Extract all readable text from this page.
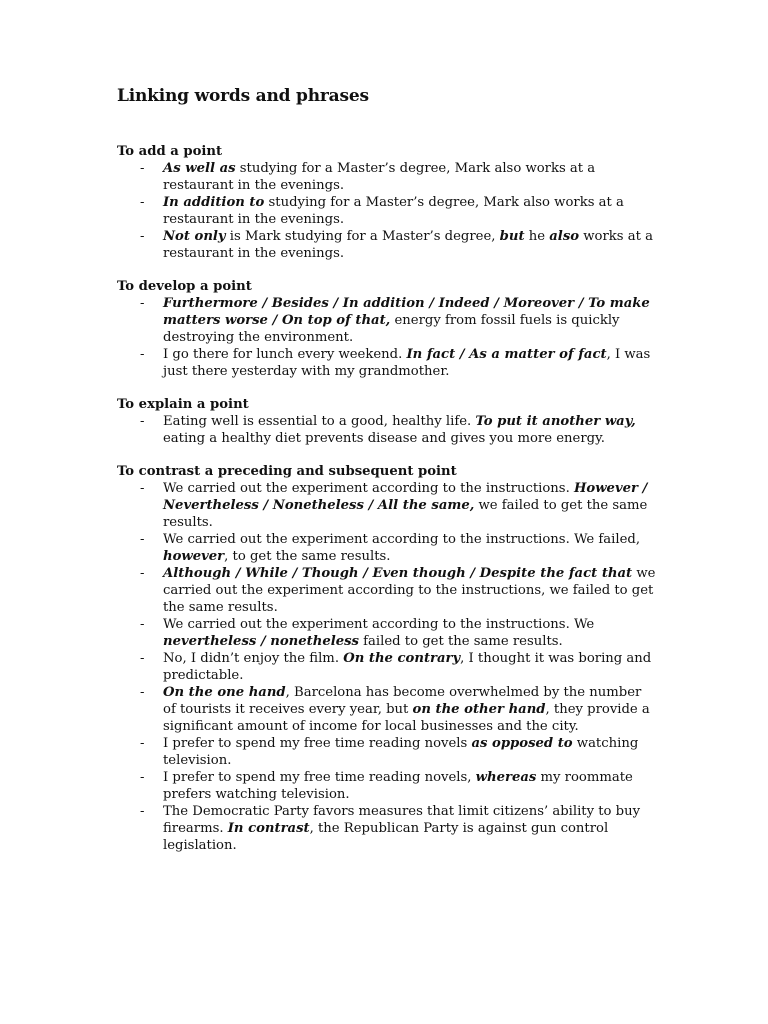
Linking words and phrases
To add a point
- As well as studying for a Master’s degree, Mark also works at a restaurant in the evenings.
- In addition to studying for a Master’s degree, Mark also works at a restaurant in the evenings.
- Not only is Mark studying for a Master’s degree, but he also works at a restaurant in the evenings.
To develop a point
- Furthermore / Besides / In addition / Indeed / Moreover / To make matters worse / On top of that, energy from fossil fuels is quickly destroying the environment.
- I go there for lunch every weekend. In fact / As a matter of fact, I was just there yesterday with my grandmother.
To explain a point
- Eating well is essential to a good, healthy life. To put it another way, eating a healthy diet prevents disease and gives you more energy.
To contrast a preceding and subsequent point
- We carried out the experiment according to the instructions. However / Nevertheless / Nonetheless / All the same, we failed to get the same results.
- We carried out the experiment according to the instructions. We failed, however, to get the same results.
- Although / While / Though / Even though / Despite the fact that we carried out the experiment according to the instructions, we failed to get the same results.
- We carried out the experiment according to the instructions. We nevertheless / nonetheless failed to get the same results.
- No, I didn’t enjoy the film. On the contrary, I thought it was boring and predictable.
- On the one hand, Barcelona has become overwhelmed by the number of tourists it receives every year, but on the other hand, they provide a significant amount of income for local businesses and the city.
- I prefer to spend my free time reading novels as opposed to watching television.
- I prefer to spend my free time reading novels, whereas my roommate prefers watching television.
- The Democratic Party favors measures that limit citizens’ ability to buy firearms. In contrast, the Republican Party is against gun control legislation.
